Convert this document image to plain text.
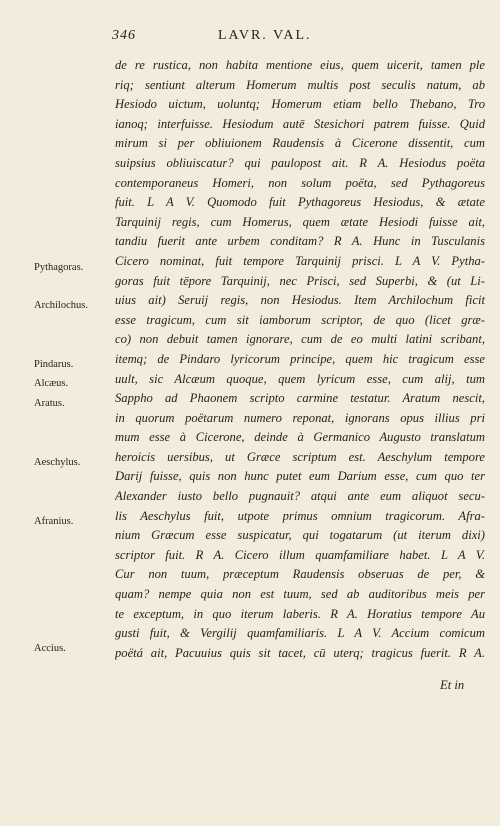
346	LAVR. VAL.
de re rustica, non habita mentione eius, quem uicerit, tamen ple
riq; sentiunt alterum Homerum multis post seculis natum, ab
Hesiodo uictum, uoluntq; Homerum etiam bello Thebano, Tro
ianoq; interfuisse. Hesiodum autē Stesichori patrem fuisse. Quid
mirum si per obliuionem Raudensis à Cicerone dissentit, cum
suipsius obliuiscatur? qui paulopost ait. R A. Hesiodus poëta
contemporaneus Homeri, non solum poëta, sed Pythagoreus
fuit. L A V. Quomodo fuit Pythagoreus Hesiodus, & ætate
Tarquinij regis, cum Homerus, quem ætate Hesiodi fuisse ait,
tandiu fuerit ante urbem conditam? R A. Hunc in Tusculanis
Cicero nominat, fuit tempore Tarquinij prisci. L A V. Pytha-
goras fuit tēpore Tarquinij, nec Prisci, sed Superbi, & (ut Li-
uius ait) Seruij regis, non Hesiodus. Item Archilochum ficit
esse tragicum, cum sit iamborum scriptor, de quo (licet græ-
co) non debuit tamen ignorare, cum de eo multi latini scribant,
itemq; de Pindaro lyricorum principe, quem hic tragicum esse
uult, sic Alcæum quoque, quem lyricum esse, cum alij, tum
Sappho ad Phaonem scripto carmine testatur. Aratum nescit,
in quorum poëtarum numero reponat, ignorans opus illius pri
mum esse à Cicerone, deinde à Germanico Augusto translatum
heroicis uersibus, ut Græce scriptum est. Aeschylum tempore
Darij fuisse, quis non hunc putet eum Darium esse, cum quo ter
Alexander iusto bello pugnauit? atqui ante eum aliquot secu-
lis Aeschylus fuit, utpote primus omnium tragicorum. Afra-
nium Græcum esse suspicatur, qui togatarum (ut iterum dixi)
scriptor fuit. R A. Cicero illum quamfamiliare habet. L A V.
Cur non tuum, præceptum Raudensis obseruas de per, &
quam? nempe quia non est tuum, sed ab auditoribus meis per
te exceptum, in quo iterum laberis. R A. Horatius tempore Au
gusti fuit, & Vergilij quamfamiliaris. L A V. Accium comicum
poëtá ait, Pacuuius quis sit tacet, cū uterq; tragicus fuerit. R A.
Pythagoras.
Archilochus.
Pindarus.
Alcæus.
Aratus.
Aeschylus.
Afranius.
Accius.
Et in
